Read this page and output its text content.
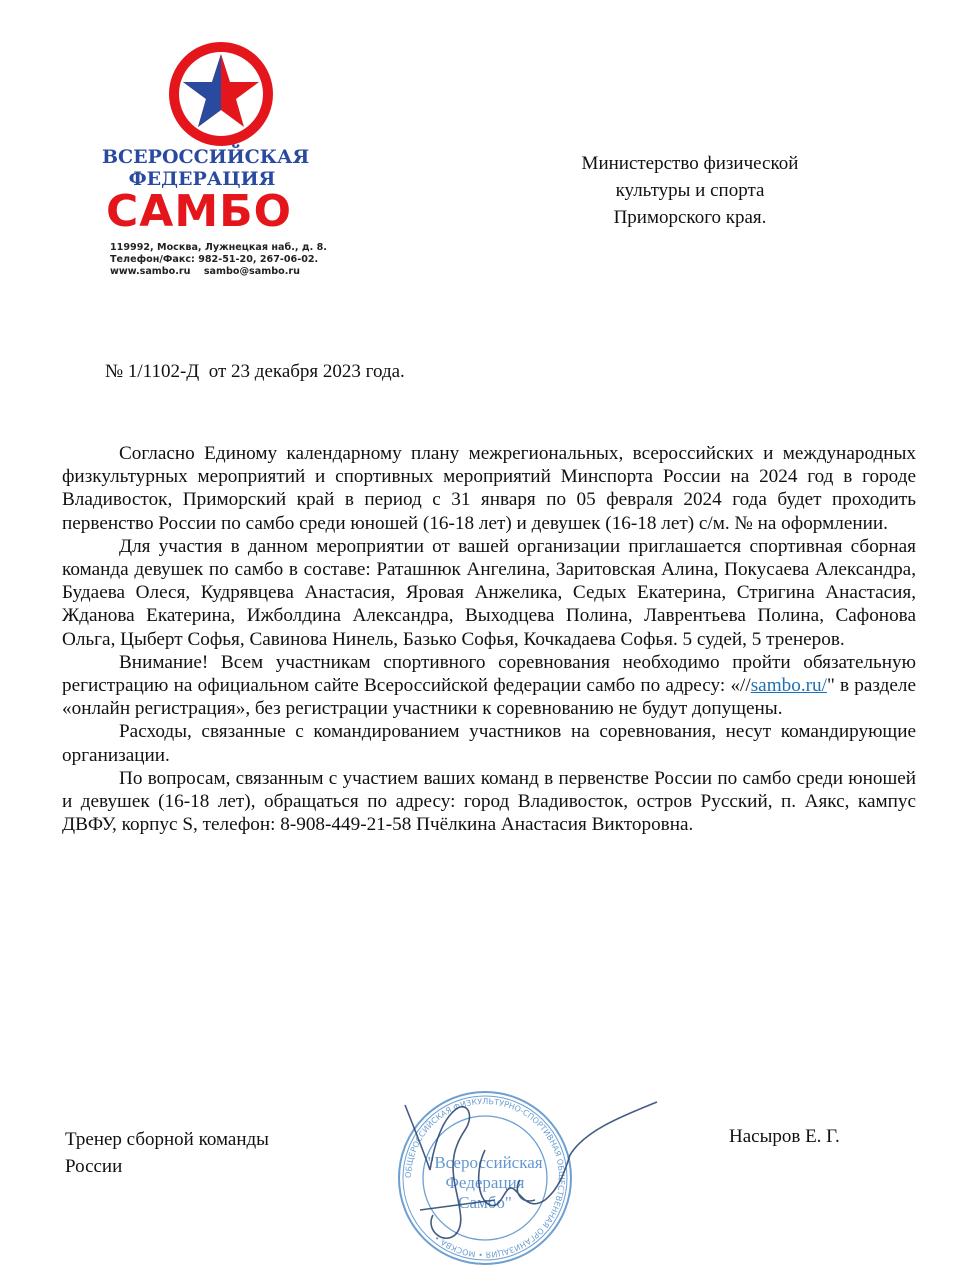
ВСЕРОССИЙСКАЯ
ФЕДЕРАЦИЯ
САМБО
119992, Москва, Лужнецкая наб., д. 8.
Телефон/Факс: 982-51-20, 267-06-02.
www.sambo.ru    sambo@sambo.ru
Министерство физической
культуры и спорта
Приморского края.
№ 1/1102-Д  от 23 декабря 2023 года.

Согласно Единому календарному плану межрегиональных, всероссийских и международных физкультурных мероприятий и спортивных мероприятий Минспорта России на 2024 год в городе Владивосток, Приморский край в период с 31 января по 05 февраля 2024 года будет проходить первенство России по самбо среди юношей (16-18 лет) и девушек (16-18 лет) с/м. № на оформлении.

Для участия в данном мероприятии от вашей организации приглашается спортивная сборная команда девушек по самбо в составе: Раташнюк Ангелина, Заритовская Алина, Покусаева Александра, Будаева Олеся, Кудрявцева Анастасия, Яровая Анжелика, Седых Екатерина, Стригина Анастасия, Жданова Екатерина, Ижболдина Александра, Выходцева Полина, Лаврентьева Полина, Сафонова Ольга, Цыберт Софья, Савинова Нинель, Базько Софья, Кочкадаева Софья. 5 судей, 5 тренеров.

Внимание! Всем участникам спортивного соревнования необходимо пройти обязательную регистрацию на официальном сайте Всероссийской федерации самбо по адресу: «//sambo.ru/" в разделе «онлайн регистрация», без регистрации участники к соревнованию не будут допущены.

Расходы, связанные с командированием участников на соревнования, несут командирующие организации.

По вопросам, связанным с участием ваших команд в первенстве России по самбо среди юношей и девушек (16-18 лет), обращаться по адресу: город Владивосток, остров Русский, п. Аякс, кампус ДВФУ, корпус S, телефон: 8-908-449-21-58 Пчёлкина Анастасия Викторовна.

Тренер сборной команды
России
Насыров Е. Г.
ОБЩЕРОССИЙСКАЯ ФИЗКУЛЬТУРНО-СПОРТИВНАЯ ОБЩЕСТВЕННАЯ ОРГАНИЗАЦИЯ • МОСКВА •
"Всероссийская
Федерация
Самбо"
